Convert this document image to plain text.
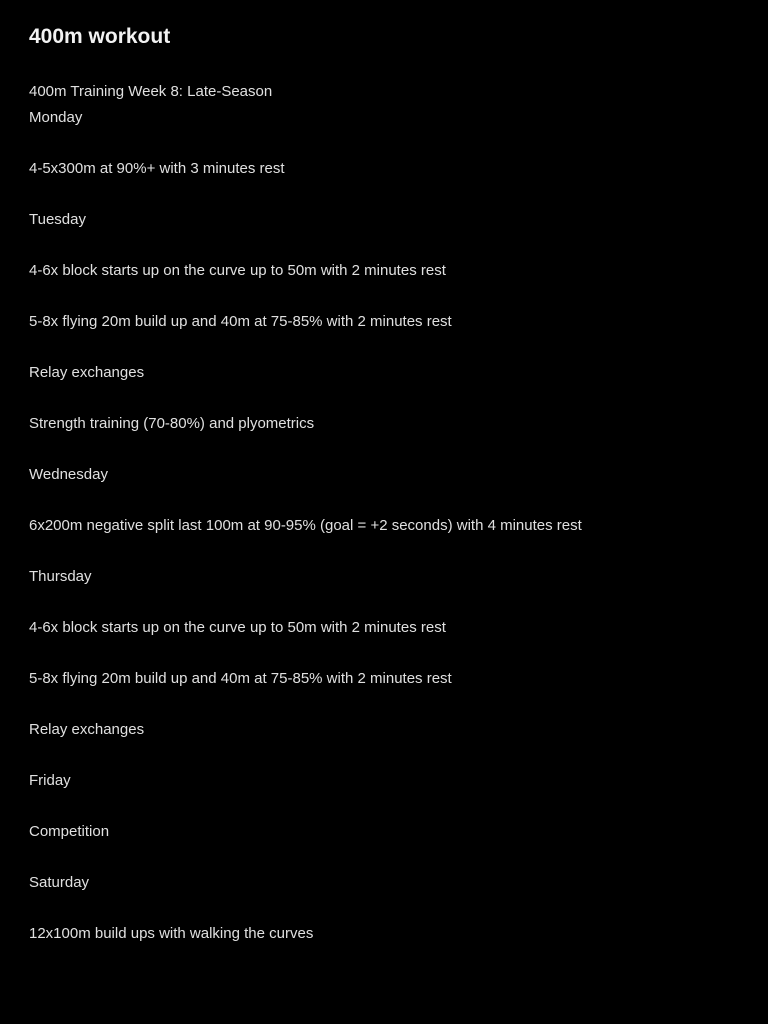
400m workout
400m Training Week 8: Late-Season
Monday
4-5x300m at 90%+ with 3 minutes rest
Tuesday
4-6x block starts up on the curve up to 50m with 2 minutes rest
5-8x flying 20m build up and 40m at 75-85% with 2 minutes rest
Relay exchanges
Strength training (70-80%) and plyometrics
Wednesday
6x200m negative split last 100m at 90-95% (goal = +2 seconds) with 4 minutes rest
Thursday
4-6x block starts up on the curve up to 50m with 2 minutes rest
5-8x flying 20m build up and 40m at 75-85% with 2 minutes rest
Relay exchanges
Friday
Competition
Saturday
12x100m build ups with walking the curves
